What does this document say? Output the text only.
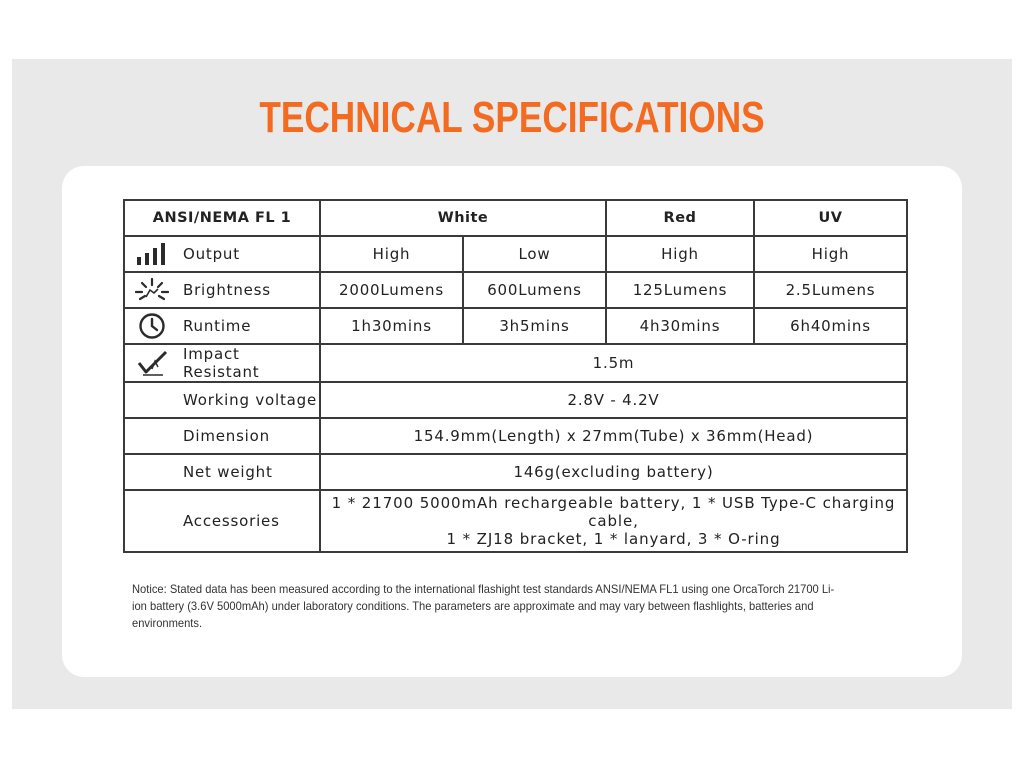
TECHNICAL SPECIFICATIONS
ANSI/NEMA FL 1	White		Red	UV

Output	High	Low	High	High

Brightness	2000Lumens	600Lumens	125Lumens	2.5Lumens

Runtime	1h30mins	3h5mins	4h30mins	6h40mins

Impact Resistant	1.5m			

Working voltage	2.8V - 4.2V			

Dimension	154.9mm(Length) x 27mm(Tube) x 36mm(Head)			

Net weight	146g(excluding battery)			

Accessories	1 * 21700 5000mAh rechargeable battery, 1 * USB Type-C charging cable,
1 * ZJ18 bracket, 1 * lanyard, 3 * O-ring			
Notice: Stated data has been measured according to the international flashight test standards ANSI/NEMA FL1 using one OrcaTorch 21700 Li-ion battery (3.6V 5000mAh) under laboratory conditions. The parameters are approximate and may vary between flashlights, batteries and environments.
